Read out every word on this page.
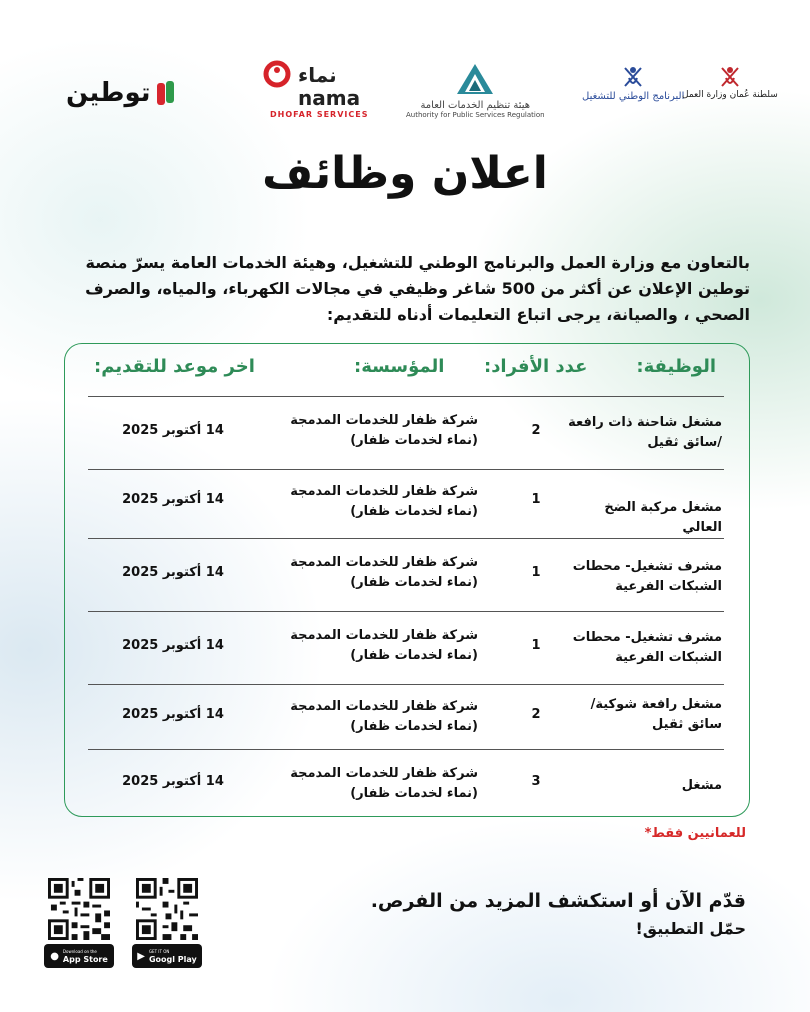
توطين
نماء
nama
DHOFAR SERVICES
هيئة تنظيم الخدمات العامة
Authority for Public Services Regulation
البرنامج الوطني للتشغيل
سلطنة عُمان وزارة العمل
اعلان وظائف
بالتعاون مع وزارة العمل والبرنامج الوطني للتشغيل، وهيئة الخدمات العامة يسرّ منصة توطين الإعلان عن أكثر من 500 شاغر وظيفي في مجالات الكهرباء، والمياه، والصرف الصحي ، والصيانة، يرجى اتباع التعليمات أدناه للتقديم:
الوظيفة:
عدد الأفراد:
المؤسسة:
اخر موعد للتقديم:
مشغل شاحنة ذات رافعة /سائق ثقيل
2
شركة ظفار للخدمات المدمجة (نماء لخدمات ظفار)
14 أكتوبر 2025
مشغل مركبة الضخ العالي
1
شركة ظفار للخدمات المدمجة (نماء لخدمات ظفار)
14 أكتوبر 2025
مشرف تشغيل- محطات الشبكات الفرعية
1
شركة ظفار للخدمات المدمجة (نماء لخدمات ظفار)
14 أكتوبر 2025
مشرف تشغيل- محطات الشبكات الفرعية
1
شركة ظفار للخدمات المدمجة (نماء لخدمات ظفار)
14 أكتوبر 2025
مشغل رافعة شوكية/سائق ثقيل
2
شركة ظفار للخدمات المدمجة (نماء لخدمات ظفار)
14 أكتوبر 2025
مشغل
3
شركة ظفار للخدمات المدمجة (نماء لخدمات ظفار)
14 أكتوبر 2025
للعمانيين فقط*
قدّم الآن أو استكشف المزيد من الفرص.
حمّل التطبيق!
● Download on the
App Store	▶ GET IT ON
Googl Play
